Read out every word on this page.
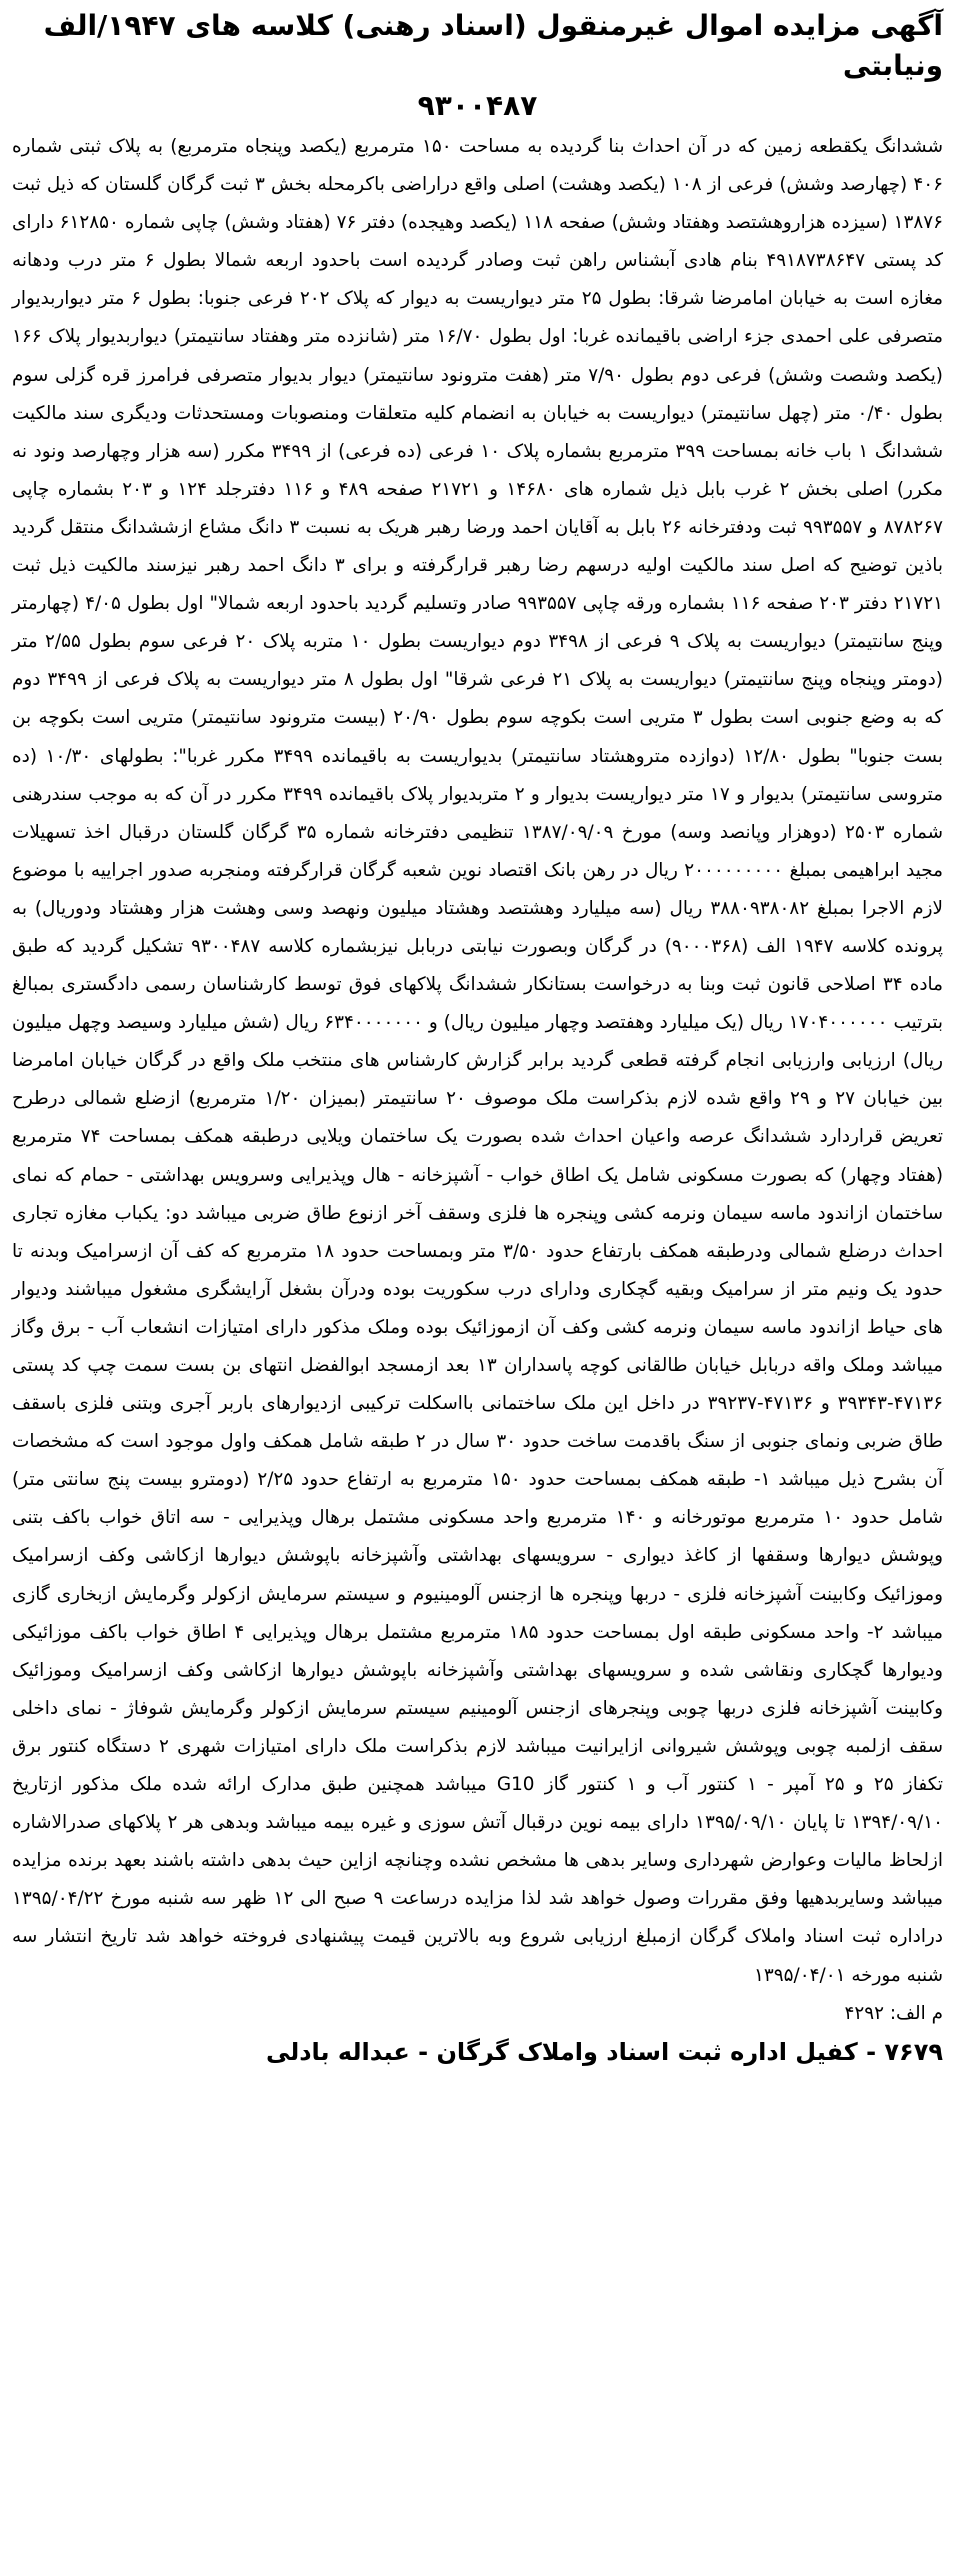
آگهی مزایده اموال غیرمنقول (اسناد رهنی) کلاسه های ۱۹۴۷/الف ونیابتی

۹۳۰۰۴۸۷

ششدانگ یکقطعه زمین که در آن احداث بنا گردیده به مساحت ۱۵۰ مترمربع (یکصد وپنجاه مترمربع) به پلاک ثبتی شماره ۴۰۶ (چهارصد وشش) فرعی از ۱۰۸ (یکصد وهشت) اصلی واقع دراراضی باکرمحله بخش ۳ ثبت گرگان گلستان که ذیل ثبت ۱۳۸۷۶ (سیزده هزاروهشتصد وهفتاد وشش) صفحه ۱۱۸ (یکصد وهیجده) دفتر ۷۶ (هفتاد وشش) چاپی شماره ۶۱۲۸۵۰ دارای کد پستی ۴۹۱۸۷۳۸۶۴۷ بنام هادی آبشناس راهن ثبت وصادر گردیده است باحدود اربعه شمالا بطول ۶ متر درب ودهانه مغازه است به خیابان امامرضا شرقا: بطول ۲۵ متر دیواریست به دیوار که پلاک ۲۰۲ فرعی جنوبا: بطول ۶ متر دیواربدیوار متصرفی علی احمدی جزء اراضی باقیمانده غربا: اول بطول ۱۶/۷۰ متر (شانزده متر وهفتاد سانتیمتر) دیواربدیوار پلاک ۱۶۶ (یکصد وشصت وشش) فرعی دوم بطول ۷/۹۰ متر (هفت مترونود سانتیمتر) دیوار بدیوار متصرفی فرامرز قره گزلی سوم بطول ۰/۴۰ متر (چهل سانتیمتر) دیواریست به خیابان به انضمام کلیه متعلقات ومنصوبات ومستحدثات ودیگری سند مالکیت ششدانگ ۱ باب خانه بمساحت ۳۹۹ مترمربع بشماره پلاک ۱۰ فرعی (ده فرعی) از ۳۴۹۹ مکرر (سه هزار وچهارصد ونود نه مکرر) اصلی بخش ۲ غرب بابل ذیل شماره های ۱۴۶۸۰ و ۲۱۷۲۱ صفحه ۴۸۹ و ۱۱۶ دفترجلد ۱۲۴ و ۲۰۳ بشماره چاپی ۸۷۸۲۶۷ و ۹۹۳۵۵۷ ثبت ودفترخانه ۲۶ بابل به آقایان احمد ورضا رهبر هریک به نسبت ۳ دانگ مشاع ازششدانگ منتقل گردید باذین توضیح که اصل سند مالکیت اولیه درسهم رضا رهبر قرارگرفته و برای ۳ دانگ احمد رهبر نیزسند مالکیت ذیل ثبت ۲۱۷۲۱ دفتر ۲۰۳ صفحه ۱۱۶ بشماره ورقه چاپی ۹۹۳۵۵۷ صادر وتسلیم گردید باحدود اربعه شمالا" اول بطول ۴/۰۵ (چهارمتر وپنج سانتیمتر) دیواریست به پلاک ۹ فرعی از ۳۴۹۸ دوم دیواریست بطول ۱۰ متربه پلاک ۲۰ فرعی سوم بطول ۲/۵۵ متر (دومتر وپنجاه وپنج سانتیمتر) دیواریست به پلاک ۲۱ فرعی شرقا" اول بطول ۸ متر دیواریست به پلاک فرعی از ۳۴۹۹ دوم که به وضع جنوبی است بطول ۳ متریی است بکوچه سوم بطول ۲۰/۹۰ (بیست مترونود سانتیمتر) متریی است بکوچه بن بست جنوبا" بطول ۱۲/۸۰ (دوازده متروهشتاد سانتیمتر) بدیواریست به باقیمانده ۳۴۹۹ مکرر غربا": بطولهای ۱۰/۳۰ (ده متروسی سانتیمتر) بدیوار و ۱۷ متر دیواریست بدیوار و ۲ متربدیوار پلاک باقیمانده ۳۴۹۹ مکرر در آن که به موجب سندرهنی شماره ۲۵۰۳ (دوهزار وپانصد وسه) مورخ ۱۳۸۷/۰۹/۰۹ تنظیمی دفترخانه شماره ۳۵ گرگان گلستان درقبال اخذ تسهیلات مجید ابراهیمی بمبلغ ۲۰۰۰۰۰۰۰۰۰ ریال در رهن بانک اقتصاد نوین شعبه گرگان قرارگرفته ومنجربه صدور اجراییه با موضوع لازم الاجرا بمبلغ ۳۸۸۰۹۳۸۰۸۲ ریال (سه میلیارد وهشتصد وهشتاد میلیون ونهصد وسی وهشت هزار وهشتاد ودوریال) به پرونده کلاسه ۱۹۴۷ الف (۹۰۰۰۳۶۸) در گرگان وبصورت نیابتی دربابل نیزبشماره کلاسه ۹۳۰۰۴۸۷ تشکیل گردید که طبق ماده ۳۴ اصلاحی قانون ثبت وبنا به درخواست بستانکار ششدانگ پلاکهای فوق توسط کارشناسان رسمی دادگستری بمبالغ بترتیب ۱۷۰۴۰۰۰۰۰۰ ریال (یک میلیارد وهفتصد وچهار میلیون ریال) و ۶۳۴۰۰۰۰۰۰۰ ریال (شش میلیارد وسیصد وچهل میلیون ریال) ارزیابی وارزیابی انجام گرفته قطعی گردید برابر گزارش کارشناس های منتخب ملک واقع در گرگان خیابان امامرضا بین خیابان ۲۷ و ۲۹ واقع شده لازم بذکراست ملک موصوف ۲۰ سانتیمتر (بمیزان ۱/۲۰ مترمربع) ازضلع شمالی درطرح تعریض قراردارد ششدانگ عرصه واعیان احداث شده بصورت یک ساختمان ویلایی درطبقه همکف بمساحت ۷۴ مترمربع (هفتاد وچهار) که بصورت مسکونی شامل یک اطاق خواب - آشپزخانه - هال وپذیرایی وسرویس بهداشتی - حمام که نمای ساختمان ازاندود ماسه سیمان ونرمه کشی وپنجره ها فلزی وسقف آخر ازنوع طاق ضربی میباشد دو: یکباب مغازه تجاری احداث درضلع شمالی ودرطبقه همکف بارتفاع حدود ۳/۵۰ متر وبمساحت حدود ۱۸ مترمربع که کف آن ازسرامیک وبدنه تا حدود یک ونیم متر از سرامیک وبقیه گچکاری ودارای درب سکوریت بوده ودرآن بشغل آرایشگری مشغول میباشند ودیوار های حیاط ازاندود ماسه سیمان ونرمه کشی وکف آن ازموزائیک بوده وملک مذکور دارای امتیازات انشعاب آب - برق وگاز میباشد وملک واقه دربابل خیابان طالقانی کوچه پاسداران ۱۳ بعد ازمسجد ابوالفضل انتهای بن بست سمت چپ کد پستی ۴۷۱۳۶-۳۹۳۴۳ و ۴۷۱۳۶-۳۹۲۳۷ در داخل این ملک ساختمانی بااسکلت ترکیبی ازدیوارهای باربر آجری وبتنی فلزی باسقف طاق ضربی ونمای جنوبی از سنگ باقدمت ساخت حدود ۳۰ سال در ۲ طبقه شامل همکف واول موجود است که مشخصات آن بشرح ذیل میباشد ۱- طبقه همکف بمساحت حدود ۱۵۰ مترمربع به ارتفاع حدود ۲/۲۵ (دومترو بیست پنج سانتی متر) شامل حدود ۱۰ مترمربع موتورخانه و ۱۴۰ مترمربع واحد مسکونی مشتمل برهال وپذیرایی - سه اتاق خواب باکف بتنی وپوشش دیوارها وسقفها از کاغذ دیواری - سرویسهای بهداشتی وآشپزخانه باپوشش دیوارها ازکاشی وکف ازسرامیک وموزائیک وکابینت آشپزخانه فلزی - دربها وپنجره ها ازجنس آلومینیوم و سیستم سرمایش ازکولر وگرمایش ازبخاری گازی میباشد ۲- واحد مسکونی طبقه اول بمساحت حدود ۱۸۵ مترمربع مشتمل برهال وپذیرایی ۴ اطاق خواب باکف موزائیکی ودیوارها گچکاری ونقاشی شده و سرویسهای بهداشتی وآشپزخانه باپوشش دیوارها ازکاشی وکف ازسرامیک وموزائیک وکابینت آشپزخانه فلزی دربها چوبی وپنجرهای ازجنس آلومینیم سیستم سرمایش ازکولر وگرمایش شوفاژ - نمای داخلی سقف ازلمبه چوبی وپوشش شیروانی ازایرانیت میباشد لازم بذکراست ملک دارای امتیازات شهری ۲ دستگاه کنتور برق تکفاز ۲۵ و ۲۵ آمپر - ۱ کنتور آب و ۱ کنتور گاز G10 میباشد همچنین طبق مدارک ارائه شده ملک مذکور ازتاریخ ۱۳۹۴/۰۹/۱۰ تا پایان ۱۳۹۵/۰۹/۱۰ دارای بیمه نوین درقبال آتش سوزی و غیره بیمه میباشد وبدهی هر ۲ پلاکهای صدرالاشاره ازلحاظ مالیات وعوارض شهرداری وسایر بدهی ها مشخص نشده وچنانچه ازاین حیث بدهی داشته باشند بعهد برنده مزایده میباشد وسایربدهیها وفق مقررات وصول خواهد شد لذا مزایده درساعت ۹ صبح الی ۱۲ ظهر سه شنبه مورخ ۱۳۹۵/۰۴/۲۲ دراداره ثبت اسناد واملاک گرگان ازمبلغ ارزیابی شروع وبه بالاترین قیمت پیشنهادی فروخته خواهد شد تاریخ انتشار سه شنبه مورخه ۱۳۹۵/۰۴/۰۱

م الف: ۴۲۹۲

۷۶۷۹ - کفیل اداره ثبت اسناد واملاک گرگان - عبداله بادلی
